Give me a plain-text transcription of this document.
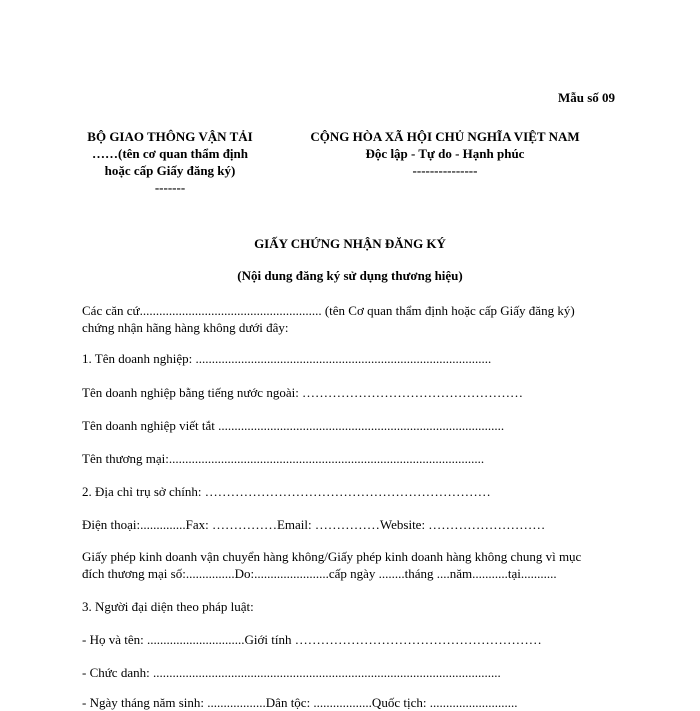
Mẫu số 09
BỘ GIAO THÔNG VẬN TẢI
……(tên cơ quan thẩm định
hoặc cấp Giấy đăng ký)
-------
CỘNG HÒA XÃ HỘI CHỦ NGHĨA VIỆT NAM
Độc lập - Tự do - Hạnh phúc
---------------
GIẤY CHỨNG NHẬN ĐĂNG KÝ
(Nội dung đăng ký sử dụng thương hiệu)
Các căn cứ........................................................ (tên Cơ quan thẩm định hoặc cấp Giấy đăng ký)
chứng nhận hãng hàng không dưới đây:
1. Tên doanh nghiệp: ...........................................................................................
Tên doanh nghiệp bằng tiếng nước ngoài: ……………………………………………
Tên doanh nghiệp viết tắt ........................................................................................
Tên thương mại:.................................................................................................
2. Địa chỉ trụ sở chính: …………………………………………………………
Điện thoại:..............Fax: ……………Email: ……………Website: ………………………
Giấy phép kinh doanh vận chuyển hàng không/Giấy phép kinh doanh hàng không chung vì mục
đích thương mại số:...............Do:.......................cấp ngày ........tháng ....năm...........tại...........
3. Người đại diện theo pháp luật:
- Họ và tên: ..............................Giới tính …………………………………………………
- Chức danh: ...........................................................................................................
- Ngày tháng năm sinh: ..................Dân tộc: ..................Quốc tịch: ...........................
